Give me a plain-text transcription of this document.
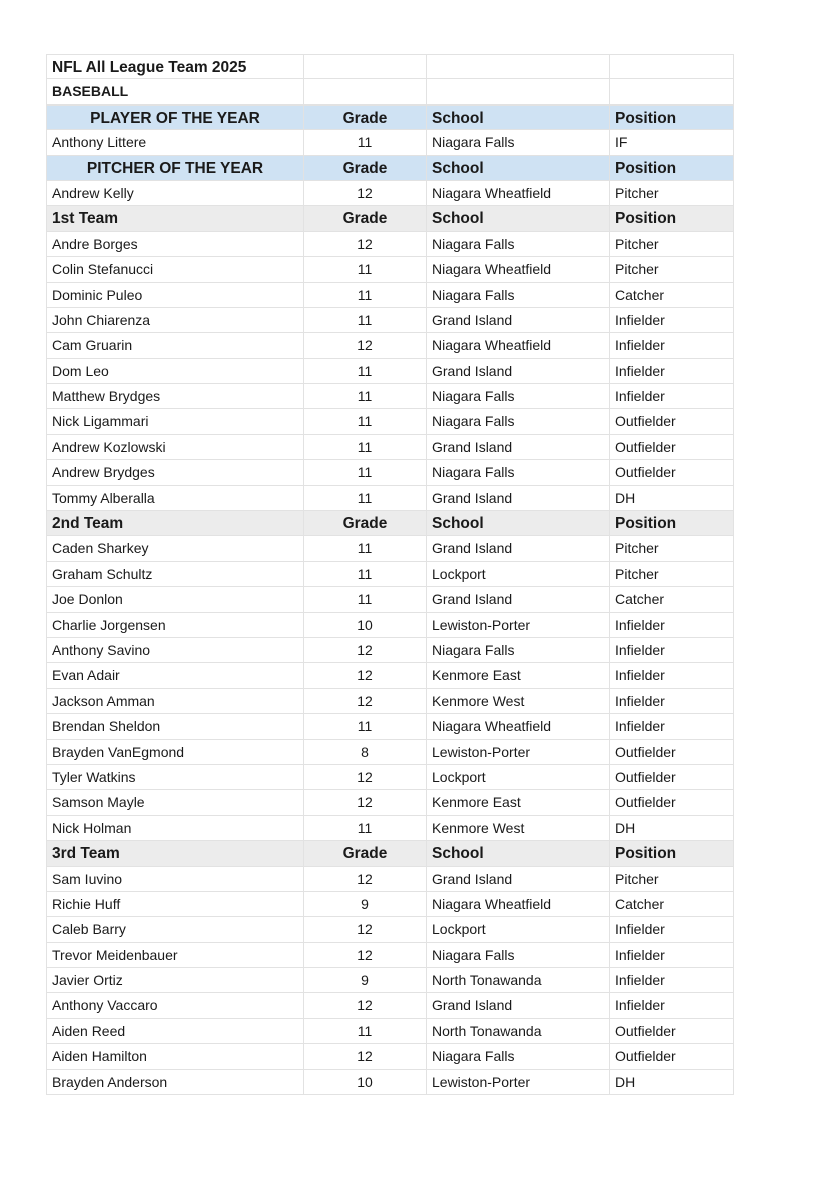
NFL All League Team 2025
BASEBALL
PLAYER OF THE YEAR	Grade	School	Position
Anthony Littere	11	Niagara Falls	IF
PITCHER OF THE YEAR	Grade	School	Position
Andrew Kelly	12	Niagara Wheatfield	Pitcher
1st Team	Grade	School	Position
Andre Borges	12	Niagara Falls	Pitcher
Colin Stefanucci	11	Niagara Wheatfield	Pitcher
Dominic Puleo	11	Niagara Falls	Catcher
John Chiarenza	11	Grand Island	Infielder
Cam Gruarin	12	Niagara Wheatfield	Infielder
Dom Leo	11	Grand Island	Infielder
Matthew Brydges	11	Niagara Falls	Infielder
Nick Ligammari	11	Niagara Falls	Outfielder
Andrew Kozlowski	11	Grand Island	Outfielder
Andrew Brydges	11	Niagara Falls	Outfielder
Tommy Alberalla	11	Grand Island	DH
2nd Team	Grade	School	Position
Caden Sharkey	11	Grand Island	Pitcher
Graham Schultz	11	Lockport	Pitcher
Joe Donlon	11	Grand Island	Catcher
Charlie Jorgensen	10	Lewiston-Porter	Infielder
Anthony Savino	12	Niagara Falls	Infielder
Evan Adair	12	Kenmore East	Infielder
Jackson Amman	12	Kenmore West	Infielder
Brendan Sheldon	11	Niagara Wheatfield	Infielder
Brayden VanEgmond	8	Lewiston-Porter	Outfielder
Tyler Watkins	12	Lockport	Outfielder
Samson Mayle	12	Kenmore East	Outfielder
Nick Holman	11	Kenmore West	DH
3rd Team	Grade	School	Position
Sam Iuvino	12	Grand Island	Pitcher
Richie Huff	9	Niagara Wheatfield	Catcher
Caleb Barry	12	Lockport	Infielder
Trevor Meidenbauer	12	Niagara Falls	Infielder
Javier Ortiz	9	North Tonawanda	Infielder
Anthony Vaccaro	12	Grand Island	Infielder
Aiden Reed	11	North Tonawanda	Outfielder
Aiden Hamilton	12	Niagara Falls	Outfielder
Brayden Anderson	10	Lewiston-Porter	DH
